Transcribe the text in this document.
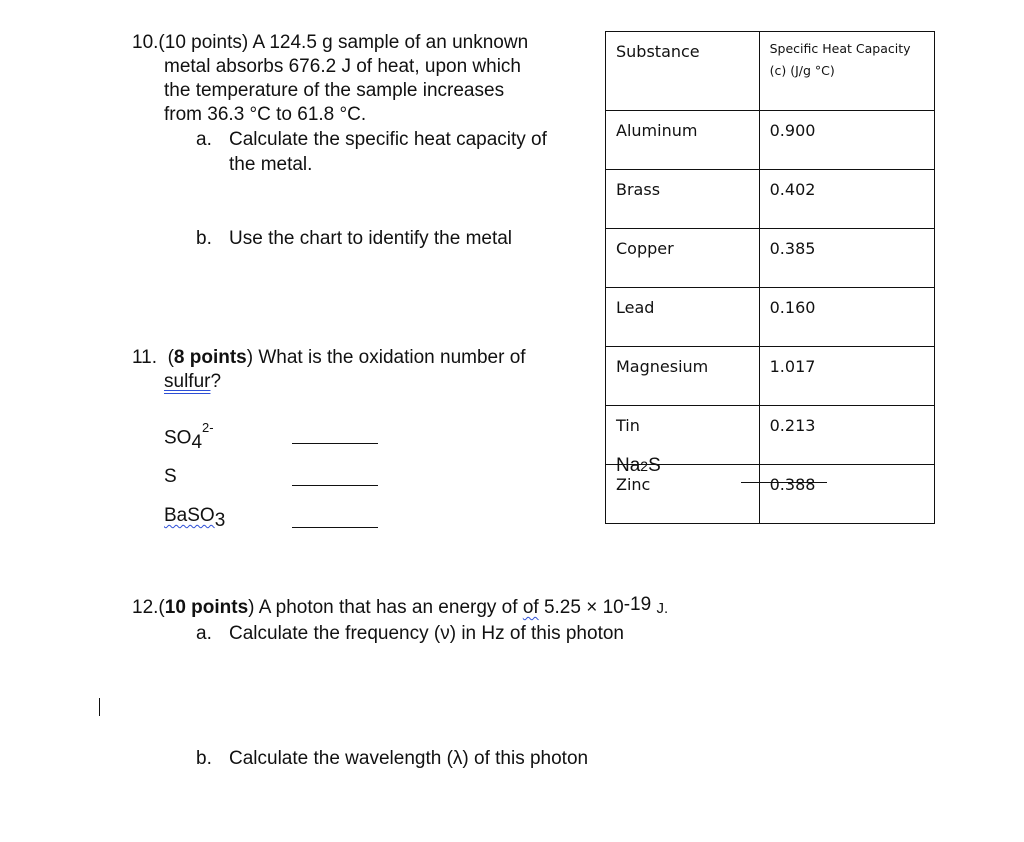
10.(10 points) A 124.5 g sample of an unknown
metal absorbs 676.2 J of heat, upon which
the temperature of the sample increases
from 36.3 °C to 61.8 °C.
a. Calculate the specific heat capacity of
the metal.
b. Use the chart to identify the metal
Substance	Specific Heat Capacity
(c) (J/g °C)

Aluminum	0.900
Brass	0.402
Copper	0.385
Lead	0.160
Magnesium	1.017
Tin	0.213
Zinc	0.388
11.  (8 points) What is the oxidation number of
sulfur?
$SO4^{2-}$
S
BaSO3
Na2S
12.(10 points) A photon that has an energy of of $5.25 \times 10^{-19}$ J.
a. Calculate the frequency (ν) in Hz of this photon
b. Calculate the wavelength (λ) of this photon
